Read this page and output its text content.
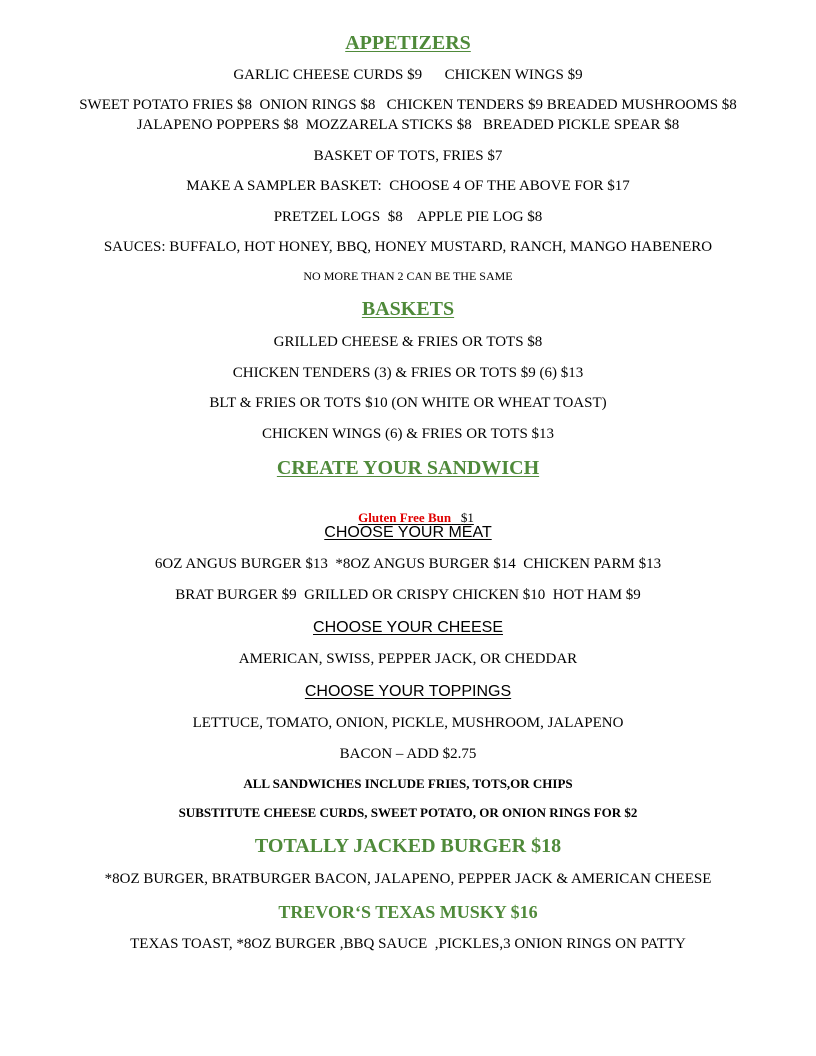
APPETIZERS
GARLIC CHEESE CURDS $9      CHICKEN WINGS $9
SWEET POTATO FRIES $8  ONION RINGS $8   CHICKEN TENDERS $9 BREADED MUSHROOMS $8
JALAPENO POPPERS $8  MOZZARELA STICKS $8   BREADED PICKLE SPEAR $8
BASKET OF TOTS, FRIES $7
MAKE A SAMPLER BASKET:  CHOOSE 4 OF THE ABOVE FOR $17
PRETZEL LOGS  $8    APPLE PIE LOG $8
SAUCES: BUFFALO, HOT HONEY, BBQ, HONEY MUSTARD, RANCH, MANGO HABENERO
NO MORE THAN 2 CAN BE THE SAME
BASKETS
GRILLED CHEESE & FRIES OR TOTS $8
CHICKEN TENDERS (3) & FRIES OR TOTS $9 (6) $13
BLT & FRIES OR TOTS $10 (ON WHITE OR WHEAT TOAST)
CHICKEN WINGS (6) & FRIES OR TOTS $13
CREATE YOUR SANDWICH

Gluten Free Bun $1

CHOOSE YOUR MEAT
6OZ ANGUS BURGER $13  *8OZ ANGUS BURGER $14  CHICKEN PARM $13
BRAT BURGER $9  GRILLED OR CRISPY CHICKEN $10  HOT HAM $9
CHOOSE YOUR CHEESE
AMERICAN, SWISS, PEPPER JACK, OR CHEDDAR
CHOOSE YOUR TOPPINGS
LETTUCE, TOMATO, ONION, PICKLE, MUSHROOM, JALAPENO
BACON – ADD $2.75
ALL SANDWICHES INCLUDE FRIES, TOTS,OR CHIPS
SUBSTITUTE CHEESE CURDS, SWEET POTATO, OR ONION RINGS FOR $2
TOTALLY JACKED BURGER $18
*8OZ BURGER, BRATBURGER BACON, JALAPENO, PEPPER JACK & AMERICAN CHEESE
TREVOR‘S TEXAS MUSKY $16
TEXAS TOAST, *8OZ BURGER ,BBQ SAUCE  ,PICKLES,3 ONION RINGS ON PATTY
